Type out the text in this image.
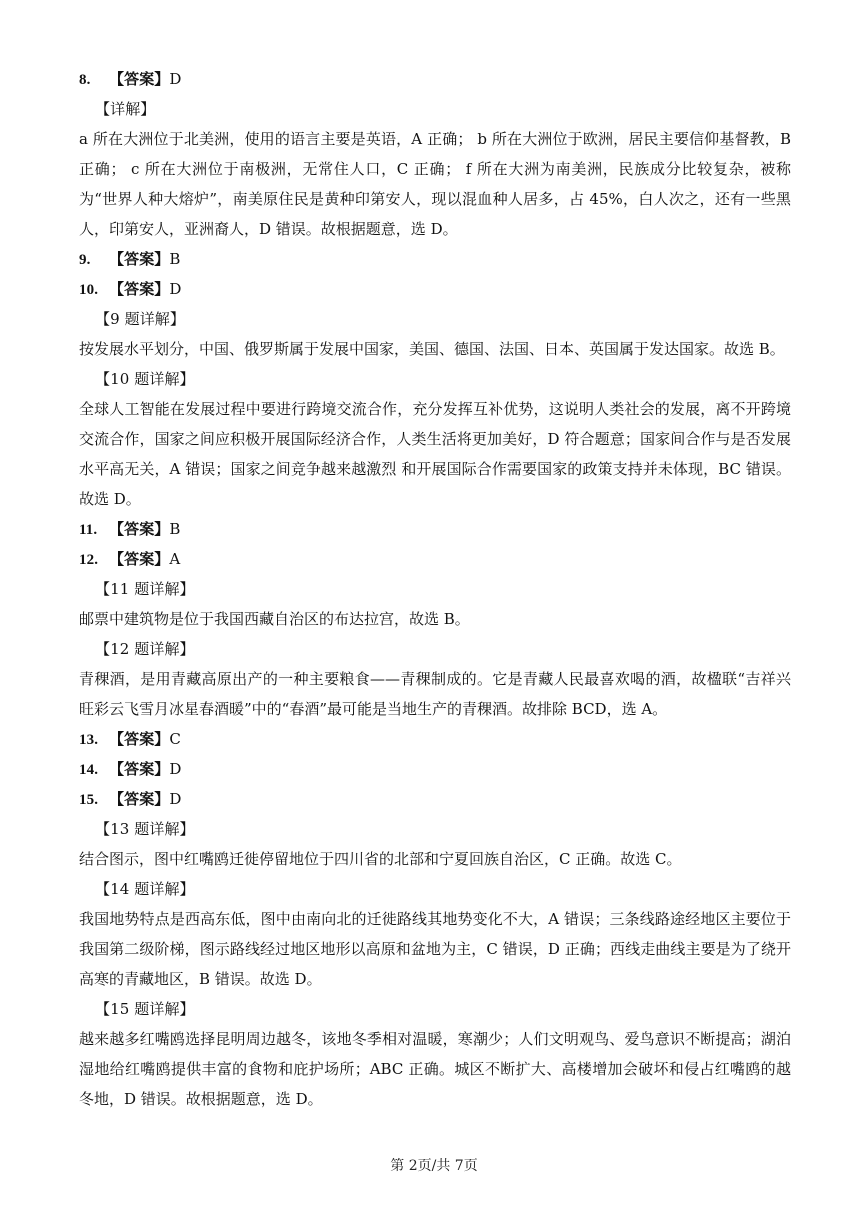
8. 【答案】D
【详解】
a 所在大洲位于北美洲，使用的语言主要是英语，A 正确； b 所在大洲位于欧洲，居民主要信仰基督教，B 正确； c 所在大洲位于南极洲，无常住人口，C 正确； f 所在大洲为南美洲，民族成分比较复杂，被称为“世界人种大熔炉”，南美原住民是黄种印第安人，现以混血种人居多，占 45%，白人次之，还有一些黑人，印第安人，亚洲裔人，D 错误。故根据题意，选 D。
9. 【答案】B
10. 【答案】D
【9 题详解】
按发展水平划分，中国、俄罗斯属于发展中国家，美国、德国、法国、日本、英国属于发达国家。故选 B。
【10 题详解】
全球人工智能在发展过程中要进行跨境交流合作，充分发挥互补优势，这说明人类社会的发展，离不开跨境交流合作，国家之间应积极开展国际经济合作，人类生活将更加美好，D 符合题意；国家间合作与是否发展水平高无关，A 错误；国家之间竞争越来越激烈 和开展国际合作需要国家的政策支持并未体现，BC 错误。 故选 D。
11. 【答案】B
12. 【答案】A
【11 题详解】
邮票中建筑物是位于我国西藏自治区的布达拉宫，故选 B。
【12 题详解】
青稞酒，是用青藏高原出产的一种主要粮食——青稞制成的。它是青藏人民最喜欢喝的酒，故楹联“吉祥兴旺彩云飞雪月冰星春酒暖”中的“春酒”最可能是当地生产的青稞酒。故排除 BCD，选 A。
13. 【答案】C
14. 【答案】D
15. 【答案】D
【13 题详解】
结合图示，图中红嘴鸥迁徙停留地位于四川省的北部和宁夏回族自治区，C 正确。故选 C。
【14 题详解】
我国地势特点是西高东低，图中由南向北的迁徙路线其地势变化不大，A 错误；三条线路途经地区主要位于我国第二级阶梯，图示路线经过地区地形以高原和盆地为主，C 错误，D 正确；西线走曲线主要是为了绕开高寒的青藏地区，B 错误。故选 D。
【15 题详解】
越来越多红嘴鸥选择昆明周边越冬，该地冬季相对温暖，寒潮少；人们文明观鸟、爱鸟意识不断提高；湖泊湿地给红嘴鸥提供丰富的食物和庇护场所；ABC 正确。城区不断扩大、高楼增加会破坏和侵占红嘴鸥的越冬地，D 错误。故根据题意，选 D。
第 2页/共 7页
